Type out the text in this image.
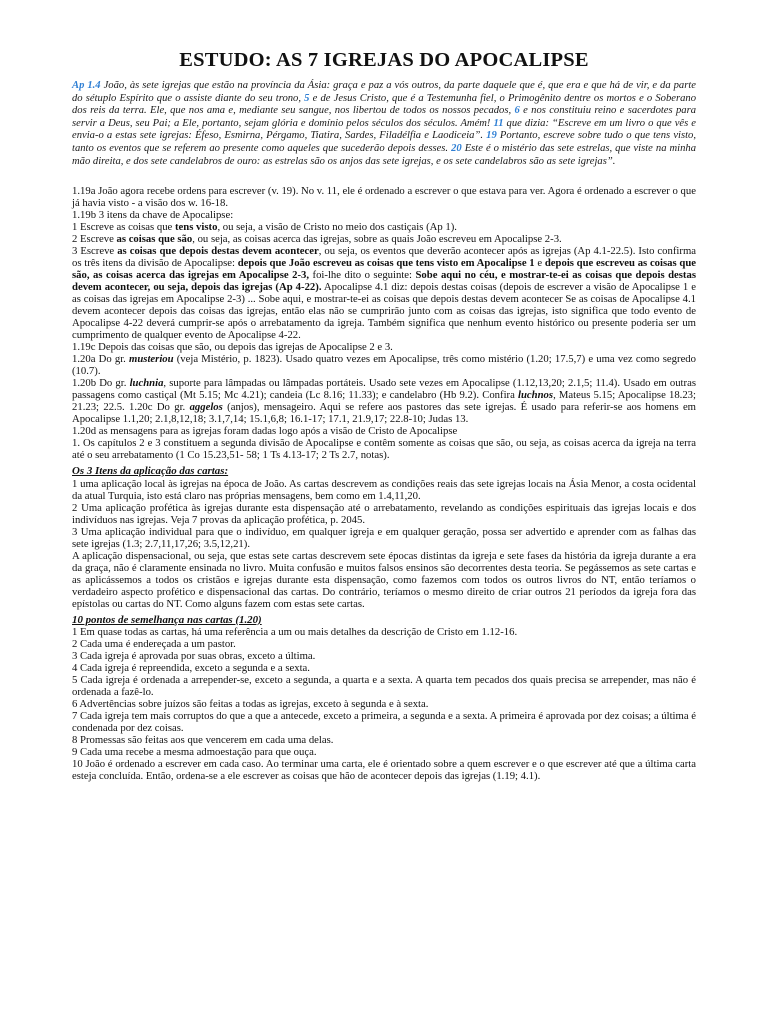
ESTUDO: AS 7 IGREJAS DO APOCALIPSE

Ap 1.4 João, às sete igrejas que estão na província da Ásia: graça e paz a vós outros, da parte daquele que é, que era e que há de vir, e da parte do sétuplo Espírito que o assiste diante do seu trono, 5 e de Jesus Cristo, que é a Testemunha fiel, o Primogênito dentre os mortos e o Soberano dos reis da terra. Ele, que nos ama e, mediante seu sangue, nos libertou de todos os nossos pecados, 6 e nos constituiu reino e sacerdotes para servir a Deus, seu Pai; a Ele, portanto, sejam glória e domínio pelos séculos dos séculos. Amém! 11 que dizia: “Escreve em um livro o que vês e envia-o a estas sete igrejas: Éfeso, Esmirna, Pérgamo, Tiatira, Sardes, Filadélfia e Laodiceia”. 19 Portanto, escreve sobre tudo o que tens visto, tanto os eventos que se referem ao presente como aqueles que sucederão depois desses. 20 Este é o mistério das sete estrelas, que viste na minha mão direita, e dos sete candelabros de ouro: as estrelas são os anjos das sete igrejas, e os sete candelabros são as sete igrejas”.

1.19a João agora recebe ordens para escrever (v. 19). No v. 11, ele é ordenado a escrever o que estava para ver. Agora é ordenado a escrever o que já havia visto - a visão dos w. 16-18.

1.19b 3 itens da chave de Apocalipse:

1 Escreve as coisas que tens visto, ou seja, a visão de Cristo no meio dos castiçais (Ap 1).

2 Escreve as coisas que são, ou seja, as coisas acerca das igrejas, sobre as quais João escreveu em Apocalipse 2-3.

3 Escreve as coisas que depois destas devem acontecer, ou seja, os eventos que deverão acontecer após as igrejas (Ap 4.1-22.5). Isto confirma os três itens da divisão de Apocalipse: depois que João escreveu as coisas que tens visto em Apocalipse 1 e depois que escreveu as coisas que são, as coisas acerca das igrejas em Apocalipse 2-3, foi-lhe dito o seguinte: Sobe aqui no céu, e mostrar-te-ei as coisas que depois destas devem acontecer, ou seja, depois das igrejas (Ap 4-22). Apocalipse 4.1 diz: depois destas coisas (depois de escrever a visão de Apocalipse 1 e as coisas das igrejas em Apocalipse 2-3) ... Sobe aqui, e mostrar-te-ei as coisas que depois destas devem acontecer Se as coisas de Apocalipse 4.1 devem acontecer depois das coisas das igrejas, então elas não se cumprirão junto com as coisas das igrejas, isto significa que todo evento de Apocalipse 4-22 deverá cumprir-se após o arrebatamento da igreja. Também significa que nenhum evento histórico ou presente poderia ser um cumprimento de qualquer evento de Apocalipse 4-22.

1.19c Depois das coisas que são, ou depois das igrejas de Apocalipse 2 e 3.

1.20a Do gr. musteriou (veja Mistério, p. 1823). Usado quatro vezes em Apocalipse, três como mistério (1.20; 17.5,7) e uma vez como segredo (10.7).

1.20b Do gr. luchnia, suporte para lâmpadas ou lâmpadas portáteis. Usado sete vezes em Apocalipse (1.12,13,20; 2.1,5; 11.4). Usado em outras passagens como castiçal (Mt 5.15; Mc 4.21); candeia (Lc 8.16; 11.33); e candelabro (Hb 9.2). Confira luchnos, Mateus 5.15; Apocalipse 18.23; 21.23; 22.5. 1.20c Do gr. aggelos (anjos), mensageiro. Aqui se refere aos pastores das sete igrejas. É usado para referir-se aos homens em Apocalipse 1.1,20; 2.1,8,12,18; 3.1,7,14; 15.1,6,8; 16.1-17; 17.1, 21.9,17; 22.8-10; Judas 13.

1.20d as mensagens para as igrejas foram dadas logo após a visão de Cristo de Apocalipse

1. Os capítulos 2 e 3 constituem a segunda divisão de Apocalipse e contêm somente as coisas que são, ou seja, as coisas acerca da igreja na terra até o seu arrebatamento (1 Co 15.23,51- 58; 1 Ts 4.13-17; 2 Ts 2.7, notas).

Os 3 Itens da aplicação das cartas:

1 uma aplicação local às igrejas na época de João. As cartas descrevem as condições reais das sete igrejas locais na Ásia Menor, a costa ocidental da atual Turquia, isto está claro nas próprias mensagens, bem como em 1.4,11,20.

2 Uma aplicação profética às igrejas durante esta dispensação até o arrebatamento, revelando as condições espirituais das igrejas locais e dos indivíduos nas igrejas. Veja 7 provas da aplicação profética, p. 2045.

3 Uma aplicação individual para que o indivíduo, em qualquer igreja e em qualquer geração, possa ser advertido e aprender com as falhas das sete igrejas (1.3; 2.7,11,17,26; 3.5,12,21).

A aplicação dispensacional, ou seja, que estas sete cartas descrevem sete épocas distintas da igreja e sete fases da história da igreja durante a era da graça, não é claramente ensinada no livro. Muita confusão e muitos falsos ensinos são decorrentes desta teoria. Se pegássemos as sete cartas e as aplicássemos a todos os cristãos e igrejas durante esta dispensação, como fazemos com todos os outros livros do NT, então teríamos o verdadeiro aspecto profético e dispensacional das cartas. Do contrário, teríamos o mesmo direito de criar outros 21 períodos da igreja fora das epístolas ou cartas do NT. Como alguns fazem com estas sete cartas.

10 pontos de semelhança nas cartas (1.20)

1 Em quase todas as cartas, há uma referência a um ou mais detalhes da descrição de Cristo em 1.12-16.

2 Cada uma é endereçada a um pastor.

3 Cada igreja é aprovada por suas obras, exceto a última.

4 Cada igreja é repreendida, exceto a segunda e a sexta.

5 Cada igreja é ordenada a arrepender-se, exceto a segunda, a quarta e a sexta. A quarta tem pecados dos quais precisa se arrepender, mas não é ordenada a fazê-lo.

6 Advertências sobre juízos são feitas a todas as igrejas, exceto à segunda e à sexta.

7 Cada igreja tem mais corruptos do que a que a antecede, exceto a primeira, a segunda e a sexta. A primeira é aprovada por dez coisas; a última é condenada por dez coisas.

8 Promessas são feitas aos que vencerem em cada uma delas.

9 Cada uma recebe a mesma admoestação para que ouça.

10 João é ordenado a escrever em cada caso. Ao terminar uma carta, ele é orientado sobre a quem escrever e o que escrever até que a última carta esteja concluída. Então, ordena-se a ele escrever as coisas que hão de acontecer depois das igrejas (1.19; 4.1).
